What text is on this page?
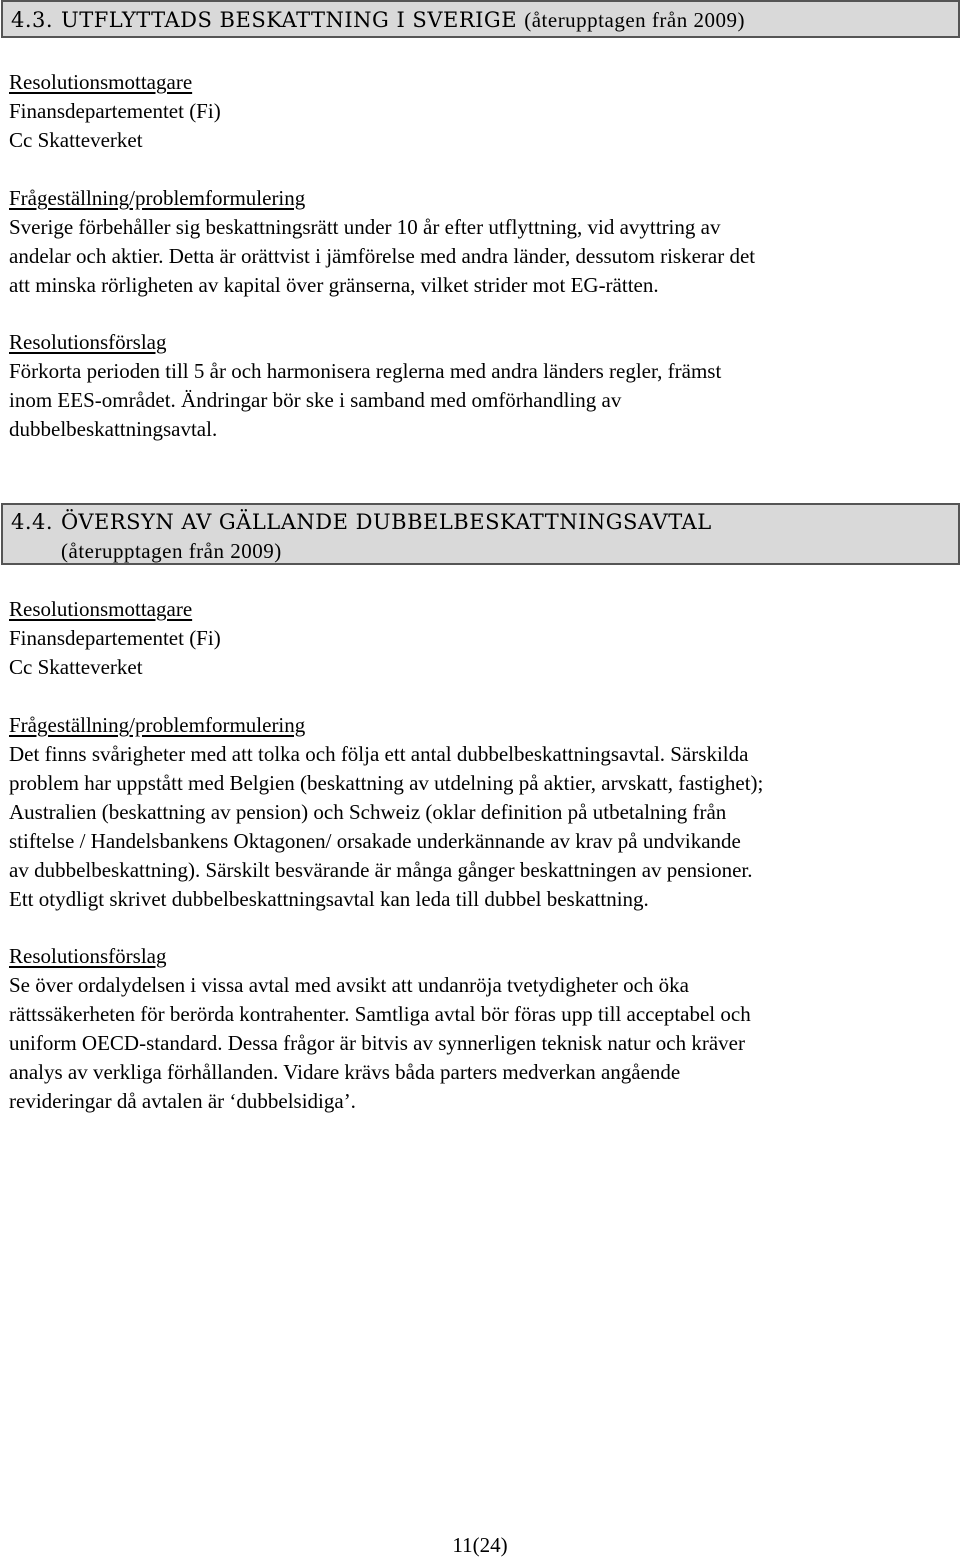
4.3. UTFLYTTADS BESKATTNING I SVERIGE (återupptagen från 2009)
Resolutionsmottagare
Finansdepartementet (Fi)
Cc Skatteverket
Frågeställning/problemformulering
Sverige förbehåller sig beskattningsrätt under 10 år efter utflyttning, vid avyttring av
andelar och aktier. Detta är orättvist i jämförelse med andra länder, dessutom riskerar det
att minska rörligheten av kapital över gränserna, vilket strider mot EG-rätten.
Resolutionsförslag
Förkorta perioden till 5 år och harmonisera reglerna med andra länders regler, främst
inom EES-området. Ändringar bör ske i samband med omförhandling av
dubbelbeskattningsavtal.
4.4. ÖVERSYN AV GÄLLANDE DUBBELBESKATTNINGSAVTAL
(återupptagen från 2009)
Resolutionsmottagare
Finansdepartementet (Fi)
Cc Skatteverket
Frågeställning/problemformulering
Det finns svårigheter med att tolka och följa ett antal dubbelbeskattningsavtal. Särskilda
problem har uppstått med Belgien (beskattning av utdelning på aktier, arvskatt, fastighet);
Australien (beskattning av pension) och Schweiz (oklar definition på utbetalning från
stiftelse / Handelsbankens Oktagonen/ orsakade underkännande av krav på undvikande
av dubbelbeskattning). Särskilt besvärande är många gånger beskattningen av pensioner.
Ett otydligt skrivet dubbelbeskattningsavtal kan leda till dubbel beskattning.
Resolutionsförslag
Se över ordalydelsen i vissa avtal med avsikt att undanröja tvetydigheter och öka
rättssäkerheten för berörda kontrahenter. Samtliga avtal bör föras upp till acceptabel och
uniform OECD-standard. Dessa frågor är bitvis av synnerligen teknisk natur och kräver
analys av verkliga förhållanden. Vidare krävs båda parters medverkan angående
revideringar då avtalen är ‘dubbelsidiga’.
11(24)
